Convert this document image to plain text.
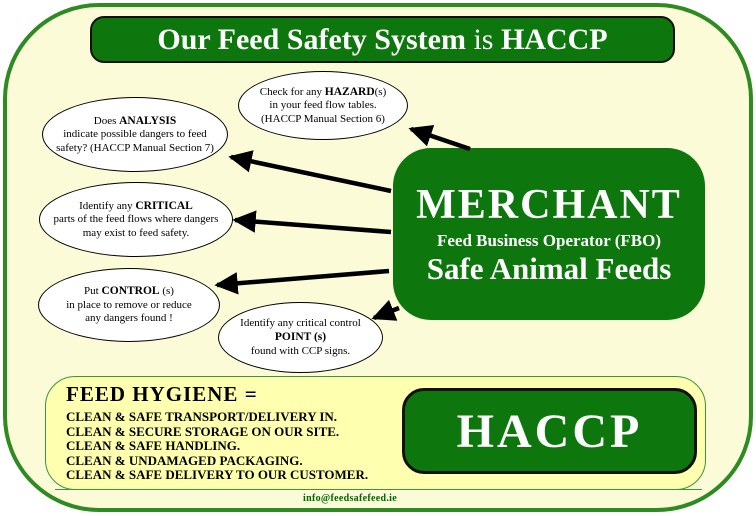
Our Feed Safety System is HACCP
Check for any HAZARD(s)
in your feed flow tables.
(HACCP Manual Section 6)
Does ANALYSIS
indicate possible dangers to feed
safety? (HACCP Manual Section 7)
Identify any CRITICAL
parts of the feed flows where dangers
may exist to feed safety.
Put CONTROL (s)
in place to remove or reduce
any dangers found !	Identify any critical control
POINT (s)
found with CCP signs.
MERCHANT
Feed Business Operator (FBO)
Safe Animal Feeds
FEED HYGIENE =
CLEAN & SAFE TRANSPORT/DELIVERY IN.
CLEAN & SECURE STORAGE ON OUR SITE.
CLEAN & SAFE HANDLING.
CLEAN & UNDAMAGED PACKAGING.
CLEAN & SAFE DELIVERY TO OUR CUSTOMER.
HACCP
info@feedsafefeed.ie
